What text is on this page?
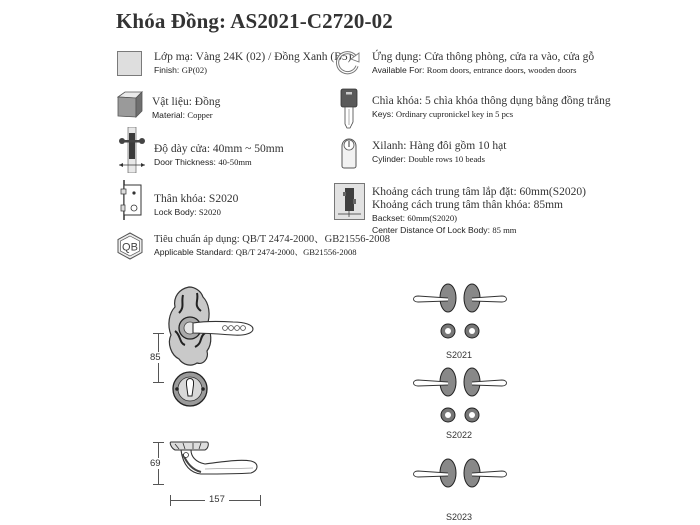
Khóa Đồng: AS2021-C2720-02
Lớp mạ: Vàng 24K (02) / Đồng Xanh (B5)
Finish: GP(02)
Vật liệu: Đồng
Material: Copper
Độ dày cửa: 40mm ~ 50mm
Door Thickness: 40-50mm
Thân khóa: S2020
Lock Body: S2020
QB
Tiêu chuẩn áp dụng: QB/T 2474-2000、GB21556-2008
Applicable Standard: QB/T 2474-2000、GB21556-2008
Ứng dụng: Cửa thông phòng, cửa ra vào, cửa gỗ
Available For: Room doors, entrance doors, wooden doors
Chìa khóa: 5 chìa khóa thông dụng bằng đồng trắng
Keys: Ordinary cupronickel key in 5 pcs
Xilanh: Hàng đôi gồm 10 hạt
Cylinder: Double rows 10 beads
Khoảng cách trung tâm lắp đặt: 60mm(S2020)
Khoảng cách trung tâm thân khóa: 85mm
Backset: 60mm(S2020)
Center Distance Of Lock Body: 85 mm
85
69
157
S2021
S2022
S2023
